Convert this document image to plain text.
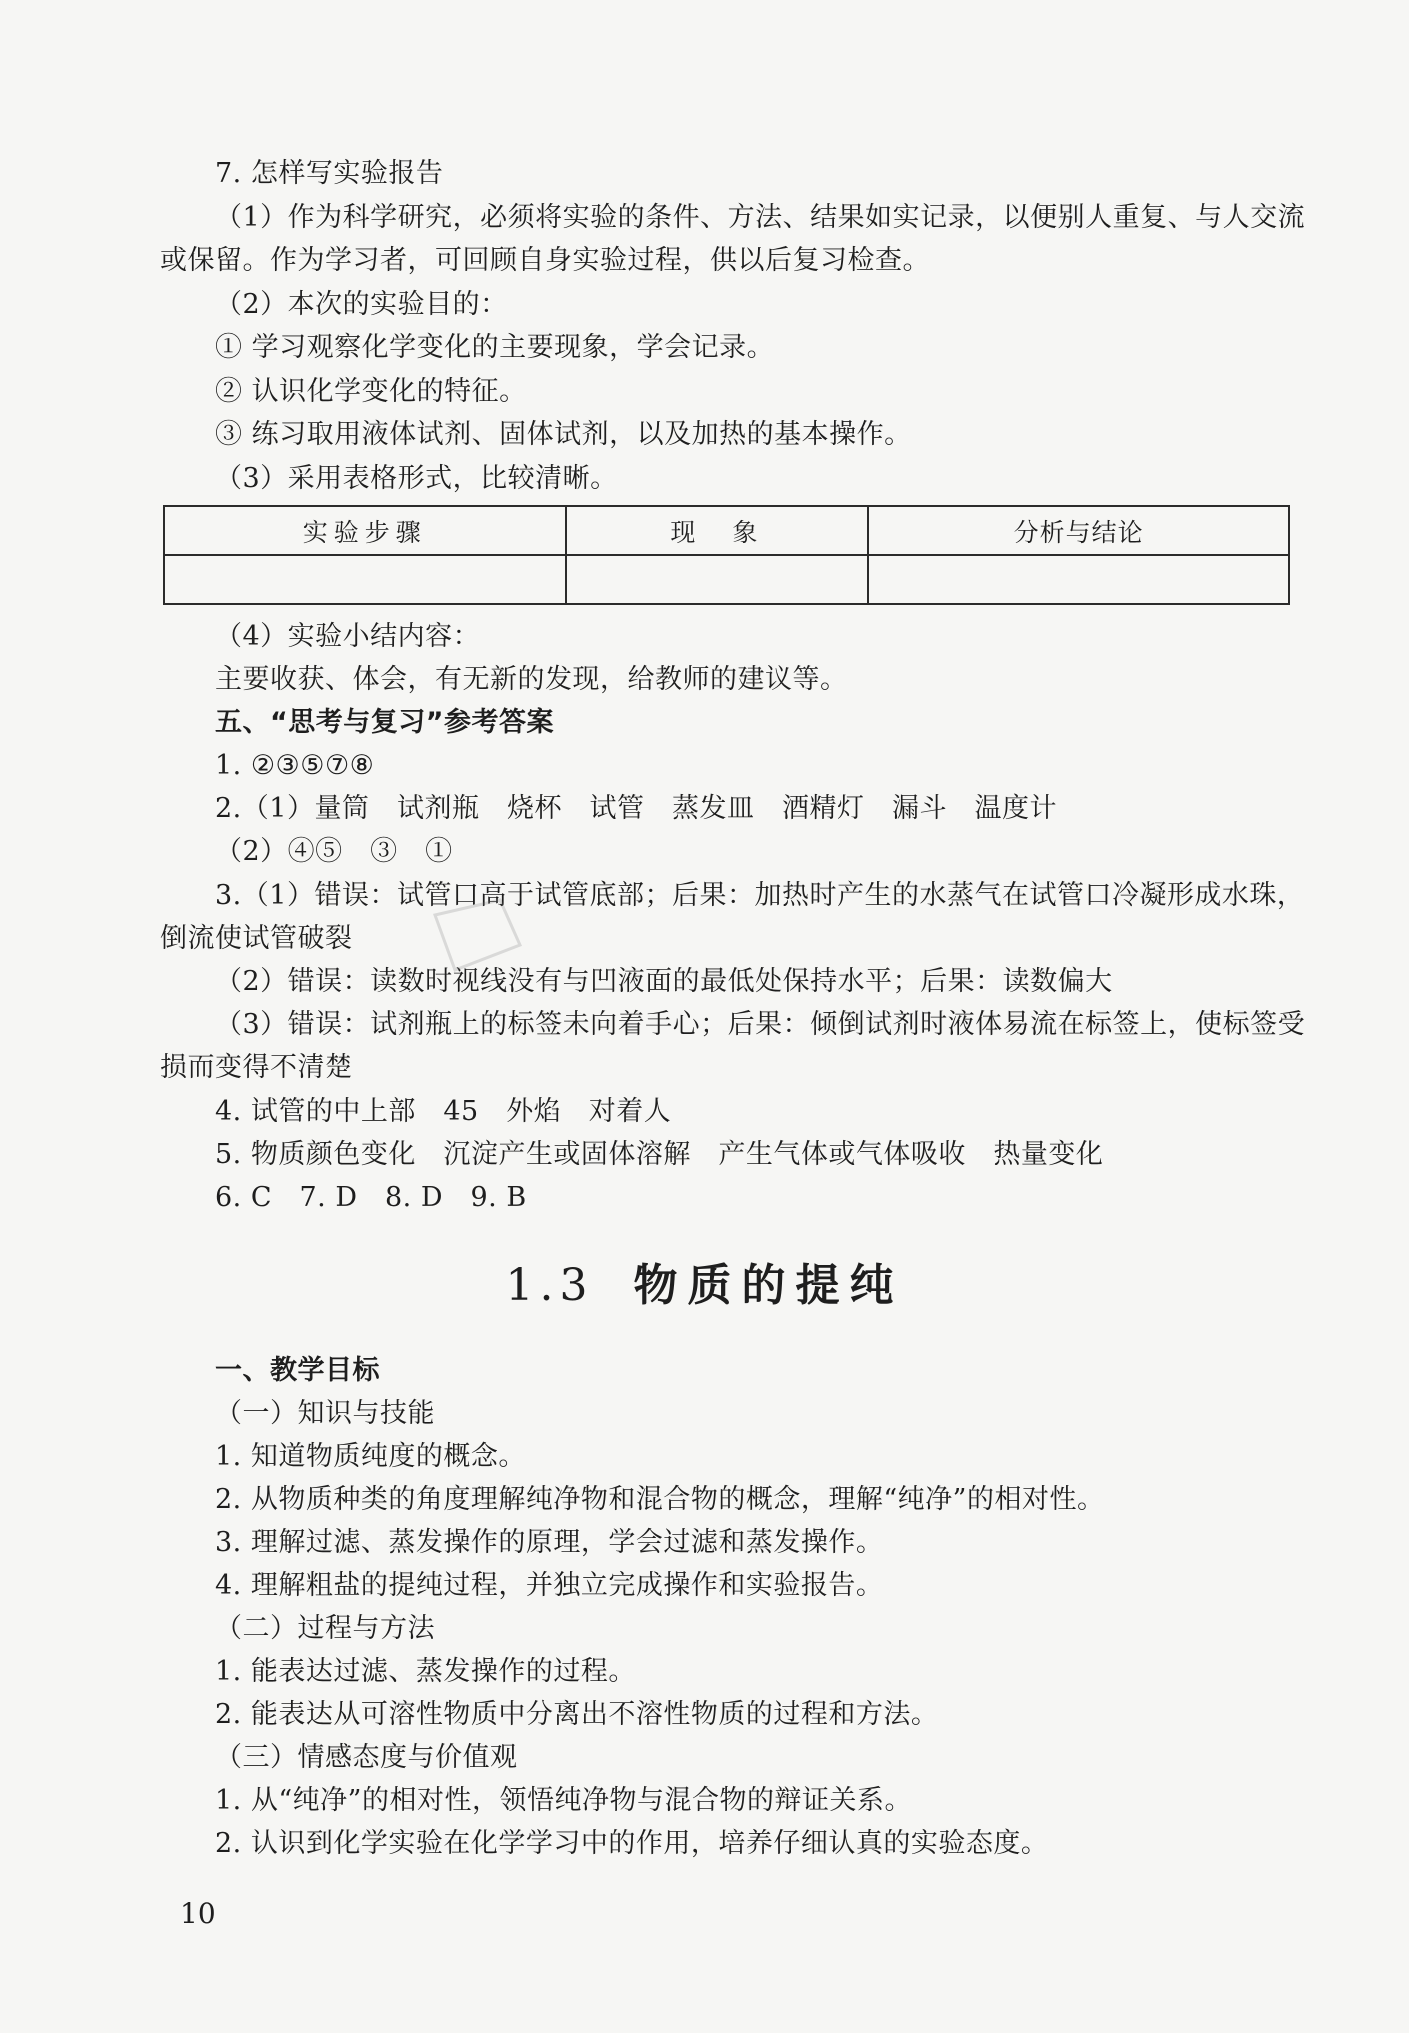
7. 怎样写实验报告
（1）作为科学研究，必须将实验的条件、方法、结果如实记录，以便别人重复、与人交流
或保留。作为学习者，可回顾自身实验过程，供以后复习检查。
（2）本次的实验目的：
① 学习观察化学变化的主要现象，学会记录。
② 认识化学变化的特征。
③ 练习取用液体试剂、固体试剂，以及加热的基本操作。
（3）采用表格形式，比较清晰。
实验步骤	现　象	分析与结论

（4）实验小结内容：
主要收获、体会，有无新的发现，给教师的建议等。
五、“思考与复习”参考答案
1. ②③⑤⑦⑧
2.（1）量筒　试剂瓶　烧杯　试管　蒸发皿　酒精灯　漏斗　温度计
（2）④⑤　③　①
3.（1）错误：试管口高于试管底部；后果：加热时产生的水蒸气在试管口冷凝形成水珠，
倒流使试管破裂
（2）错误：读数时视线没有与凹液面的最低处保持水平；后果：读数偏大
（3）错误：试剂瓶上的标签未向着手心；后果：倾倒试剂时液体易流在标签上，使标签受
损而变得不清楚
4. 试管的中上部　45　外焰　对着人
5. 物质颜色变化　沉淀产生或固体溶解　产生气体或气体吸收　热量变化
6. C　7. D　8. D　9. B
1.3 物质的提纯
一、教学目标
（一）知识与技能
1. 知道物质纯度的概念。
2. 从物质种类的角度理解纯净物和混合物的概念，理解“纯净”的相对性。
3. 理解过滤、蒸发操作的原理，学会过滤和蒸发操作。
4. 理解粗盐的提纯过程，并独立完成操作和实验报告。
（二）过程与方法
1. 能表达过滤、蒸发操作的过程。
2. 能表达从可溶性物质中分离出不溶性物质的过程和方法。
（三）情感态度与价值观
1. 从“纯净”的相对性，领悟纯净物与混合物的辩证关系。
2. 认识到化学实验在化学学习中的作用，培养仔细认真的实验态度。
10
